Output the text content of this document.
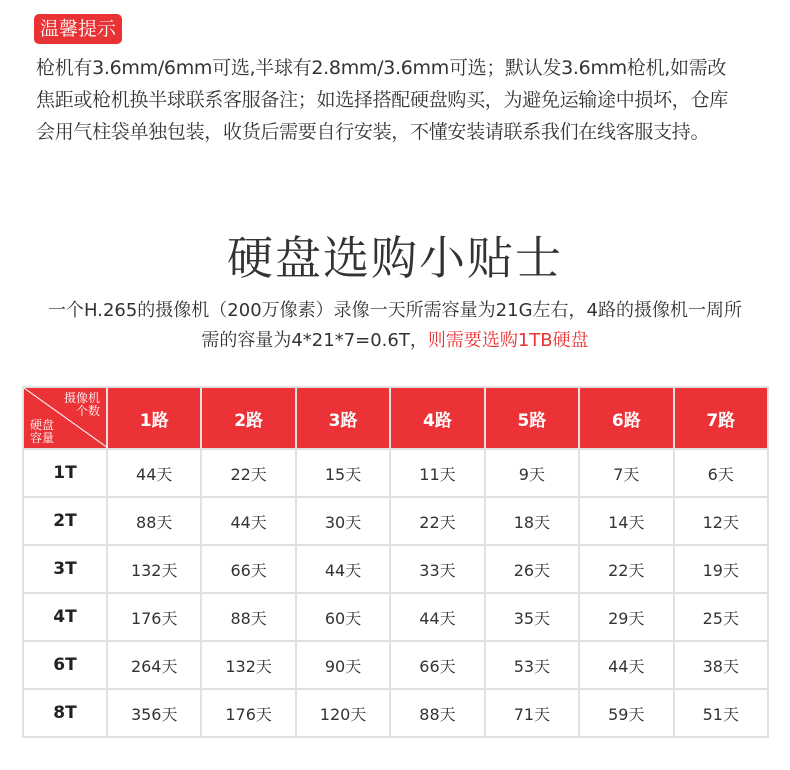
温馨提示
枪机有3.6mm/6mm可选,半球有2.8mm/3.6mm可选；默认发3.6mm枪机,如需改焦距或枪机换半球联系客服备注；如选择搭配硬盘购买，为避免运输途中损坏，仓库会用气柱袋单独包装，收货后需要自行安装，不懂安装请联系我们在线客服支持。
硬盘选购小贴士
一个H.265的摄像机（200万像素）录像一天所需容量为21G左右，4路的摄像机一周所需的容量为4*21*7=0.6T，则需要选购1TB硬盘
摄像机
个数
硬盘
容量	1路	2路	3路	4路	5路	6路	7路
1T	44天	22天	15天	11天	9天	7天	6天
2T	88天	44天	30天	22天	18天	14天	12天
3T	132天	66天	44天	33天	26天	22天	19天
4T	176天	88天	60天	44天	35天	29天	25天
6T	264天	132天	90天	66天	53天	44天	38天
8T	356天	176天	120天	88天	71天	59天	51天
